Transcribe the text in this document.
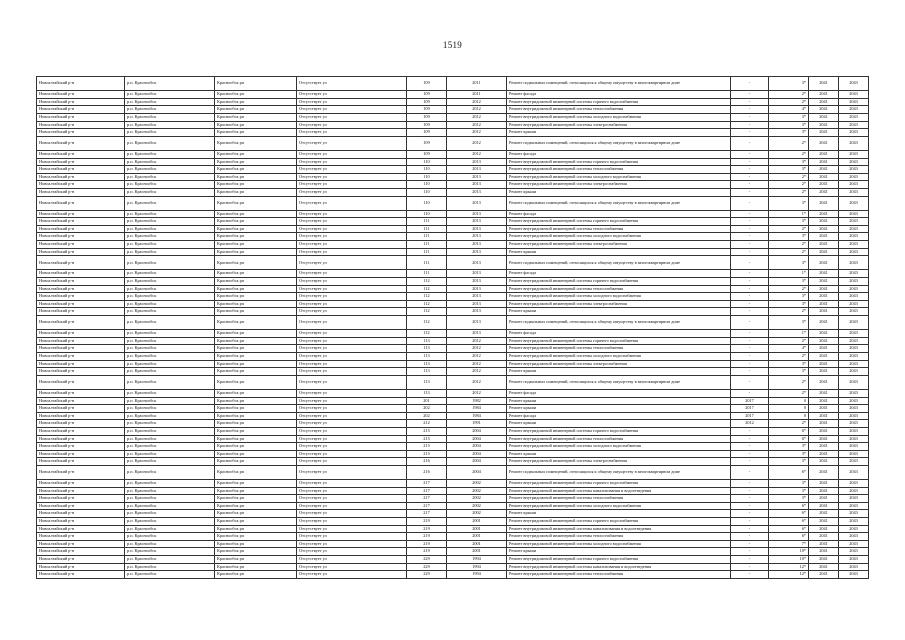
1519
Новоалтайский р-н	р.п. Краснообск	Краснообск рп	Отсутствует ул	109	2011	Ремонт подвальных помещений, относящихся к общему имуществу в многоквартирном доме	-	3*	2041	2043
Новоалтайский р-н	р.п. Краснообск	Краснообск рп	Отсутствует ул	109	2011	Ремонт фасада	-	2*	2041	2043
Новоалтайский р-н	р.п. Краснообск	Краснообск рп	Отсутствует ул	109	2012	Ремонт внутридомовой инженерной системы горячего водоснабжения	-	2*	2041	2043
Новоалтайский р-н	р.п. Краснообск	Краснообск рп	Отсутствует ул	109	2012	Ремонт внутридомовой инженерной системы теплоснабжения	-	4*	2041	2043
Новоалтайский р-н	р.п. Краснообск	Краснообск рп	Отсутствует ул	109	2012	Ремонт внутридомовой инженерной системы холодного водоснабжения	-	3*	2041	2043
Новоалтайский р-н	р.п. Краснообск	Краснообск рп	Отсутствует ул	109	2012	Ремонт внутридомовой инженерной системы электроснабжения	-	3*	2041	2043
Новоалтайский р-н	р.п. Краснообск	Краснообск рп	Отсутствует ул	109	2012	Ремонт крыши	-	3*	2041	2043
Новоалтайский р-н	р.п. Краснообск	Краснообск рп	Отсутствует ул	109	2012	Ремонт подвальных помещений, относящихся к общему имуществу в многоквартирном доме	-	2*	2041	2043
Новоалтайский р-н	р.п. Краснообск	Краснообск рп	Отсутствует ул	109	2012	Ремонт фасада	-	2*	2041	2043
Новоалтайский р-н	р.п. Краснообск	Краснообск рп	Отсутствует ул	110	2013	Ремонт внутридомовой инженерной системы горячего водоснабжения	-	3*	2041	2043
Новоалтайский р-н	р.п. Краснообск	Краснообск рп	Отсутствует ул	110	2013	Ремонт внутридомовой инженерной системы теплоснабжения	-	3*	2041	2043
Новоалтайский р-н	р.п. Краснообск	Краснообск рп	Отсутствует ул	110	2013	Ремонт внутридомовой инженерной системы холодного водоснабжения	-	2*	2041	2043
Новоалтайский р-н	р.п. Краснообск	Краснообск рп	Отсутствует ул	110	2013	Ремонт внутридомовой инженерной системы электроснабжения	-	2*	2041	2043
Новоалтайский р-н	р.п. Краснообск	Краснообск рп	Отсутствует ул	110	2013	Ремонт крыши	-	2*	2041	2043
Новоалтайский р-н	р.п. Краснообск	Краснообск рп	Отсутствует ул	110	2013	Ремонт подвальных помещений, относящихся к общему имуществу в многоквартирном доме	-	3*	2041	2043
Новоалтайский р-н	р.п. Краснообск	Краснообск рп	Отсутствует ул	110	2013	Ремонт фасада	-	1*	2041	2043
Новоалтайский р-н	р.п. Краснообск	Краснообск рп	Отсутствует ул	111	2013	Ремонт внутридомовой инженерной системы горячего водоснабжения	-	3*	2041	2043
Новоалтайский р-н	р.п. Краснообск	Краснообск рп	Отсутствует ул	111	2013	Ремонт внутридомовой инженерной системы теплоснабжения	-	2*	2041	2043
Новоалтайский р-н	р.п. Краснообск	Краснообск рп	Отсутствует ул	111	2013	Ремонт внутридомовой инженерной системы холодного водоснабжения	-	3*	2041	2043
Новоалтайский р-н	р.п. Краснообск	Краснообск рп	Отсутствует ул	111	2013	Ремонт внутридомовой инженерной системы электроснабжения	-	2*	2041	2043
Новоалтайский р-н	р.п. Краснообск	Краснообск рп	Отсутствует ул	111	2013	Ремонт крыши	-	2*	2041	2043
Новоалтайский р-н	р.п. Краснообск	Краснообск рп	Отсутствует ул	111	2013	Ремонт подвальных помещений, относящихся к общему имуществу в многоквартирном доме	-	3*	2041	2043
Новоалтайский р-н	р.п. Краснообск	Краснообск рп	Отсутствует ул	111	2013	Ремонт фасада	-	1*	2041	2043
Новоалтайский р-н	р.п. Краснообск	Краснообск рп	Отсутствует ул	112	2013	Ремонт внутридомовой инженерной системы горячего водоснабжения	-	3*	2041	2043
Новоалтайский р-н	р.п. Краснообск	Краснообск рп	Отсутствует ул	112	2013	Ремонт внутридомовой инженерной системы теплоснабжения	-	2*	2041	2043
Новоалтайский р-н	р.п. Краснообск	Краснообск рп	Отсутствует ул	112	2013	Ремонт внутридомовой инженерной системы холодного водоснабжения	-	3*	2041	2043
Новоалтайский р-н	р.п. Краснообск	Краснообск рп	Отсутствует ул	112	2013	Ремонт внутридомовой инженерной системы электроснабжения	-	3*	2041	2043
Новоалтайский р-н	р.п. Краснообск	Краснообск рп	Отсутствует ул	112	2013	Ремонт крыши	-	2*	2041	2043
Новоалтайский р-н	р.п. Краснообск	Краснообск рп	Отсутствует ул	112	2013	Ремонт подвальных помещений, относящихся к общему имуществу в многоквартирном доме	-	3*	2041	2043
Новоалтайский р-н	р.п. Краснообск	Краснообск рп	Отсутствует ул	112	2013	Ремонт фасада	-	1*	2041	2043
Новоалтайский р-н	р.п. Краснообск	Краснообск рп	Отсутствует ул	113	2012	Ремонт внутридомовой инженерной системы горячего водоснабжения	-	2*	2041	2043
Новоалтайский р-н	р.п. Краснообск	Краснообск рп	Отсутствует ул	113	2012	Ремонт внутридомовой инженерной системы теплоснабжения	-	4*	2041	2043
Новоалтайский р-н	р.п. Краснообск	Краснообск рп	Отсутствует ул	113	2012	Ремонт внутридомовой инженерной системы холодного водоснабжения	-	2*	2041	2043
Новоалтайский р-н	р.п. Краснообск	Краснообск рп	Отсутствует ул	113	2012	Ремонт внутридомовой инженерной системы электроснабжения	-	3*	2041	2043
Новоалтайский р-н	р.п. Краснообск	Краснообск рп	Отсутствует ул	113	2012	Ремонт крыши	-	3*	2041	2043
Новоалтайский р-н	р.п. Краснообск	Краснообск рп	Отсутствует ул	113	2012	Ремонт подвальных помещений, относящихся к общему имуществу в многоквартирном доме	-	2*	2041	2043
Новоалтайский р-н	р.п. Краснообск	Краснообск рп	Отсутствует ул	113	2012	Ремонт фасада	-	2*	2041	2043
Новоалтайский р-н	р.п. Краснообск	Краснообск рп	Отсутствует ул	201	1982	Ремонт крыши	2017	0	2041	2043
Новоалтайский р-н	р.п. Краснообск	Краснообск рп	Отсутствует ул	202	1984	Ремонт крыши	2017	0	2041	2043
Новоалтайский р-н	р.п. Краснообск	Краснообск рп	Отсутствует ул	202	1984	Ремонт фасада	2017	0	2041	2043
Новоалтайский р-н	р.п. Краснообск	Краснообск рп	Отсутствует ул	212	1991	Ремонт крыши	2012	2*	2041	2043
Новоалтайский р-н	р.п. Краснообск	Краснообск рп	Отсутствует ул	215	2004	Ремонт внутридомовой инженерной системы горячего водоснабжения	-	6*	2041	2043
Новоалтайский р-н	р.п. Краснообск	Краснообск рп	Отсутствует ул	215	2004	Ремонт внутридомовой инженерной системы теплоснабжения	-	6*	2041	2043
Новоалтайский р-н	р.п. Краснообск	Краснообск рп	Отсутствует ул	215	2004	Ремонт внутридомовой инженерной системы холодного водоснабжения	-	3*	2041	2043
Новоалтайский р-н	р.п. Краснообск	Краснообск рп	Отсутствует ул	215	2004	Ремонт крыши	-	3*	2041	2043
Новоалтайский р-н	р.п. Краснообск	Краснообск рп	Отсутствует ул	216	2004	Ремонт внутридомовой инженерной системы электроснабжения	-	3*	2041	2043
Новоалтайский р-н	р.п. Краснообск	Краснообск рп	Отсутствует ул	216	2004	Ремонт подвальных помещений, относящихся к общему имуществу в многоквартирном доме	-	6*	2041	2043
Новоалтайский р-н	р.п. Краснообск	Краснообск рп	Отсутствует ул	217	2002	Ремонт внутридомовой инженерной системы горячего водоснабжения	-	3*	2041	2043
Новоалтайский р-н	р.п. Краснообск	Краснообск рп	Отсутствует ул	217	2002	Ремонт внутридомовой инженерной системы канализования и водоотведения	-	3*	2041	2043
Новоалтайский р-н	р.п. Краснообск	Краснообск рп	Отсутствует ул	217	2002	Ремонт внутридомовой инженерной системы теплоснабжения	-	3*	2041	2043
Новоалтайский р-н	р.п. Краснообск	Краснообск рп	Отсутствует ул	217	2002	Ремонт внутридомовой инженерной системы холодного водоснабжения	-	6*	2041	2043
Новоалтайский р-н	р.п. Краснообск	Краснообск рп	Отсутствует ул	217	2002	Ремонт крыши	-	6*	2041	2043
Новоалтайский р-н	р.п. Краснообск	Краснообск рп	Отсутствует ул	219	2001	Ремонт внутридомовой инженерной системы горячего водоснабжения	-	6*	2041	2043
Новоалтайский р-н	р.п. Краснообск	Краснообск рп	Отсутствует ул	219	2001	Ремонт внутридомовой инженерной системы канализования и водоотведения	-	6*	2041	2043
Новоалтайский р-н	р.п. Краснообск	Краснообск рп	Отсутствует ул	219	2001	Ремонт внутридомовой инженерной системы теплоснабжения	-	6*	2041	2043
Новоалтайский р-н	р.п. Краснообск	Краснообск рп	Отсутствует ул	219	2001	Ремонт внутридомовой инженерной системы холодного водоснабжения	-	7*	2041	2043
Новоалтайский р-н	р.п. Краснообск	Краснообск рп	Отсутствует ул	219	2001	Ремонт крыши	-	10*	2041	2043
Новоалтайский р-н	р.п. Краснообск	Краснообск рп	Отсутствует ул	229	1994	Ремонт внутридомовой инженерной системы горячего водоснабжения	-	10*	2041	2043
Новоалтайский р-н	р.п. Краснообск	Краснообск рп	Отсутствует ул	229	1994	Ремонт внутридомовой инженерной системы канализования и водоотведения	-	12*	2041	2043
Новоалтайский р-н	р.п. Краснообск	Краснообск рп	Отсутствует ул	229	1994	Ремонт внутридомовой инженерной системы теплоснабжения	-	12*	2041	2043
